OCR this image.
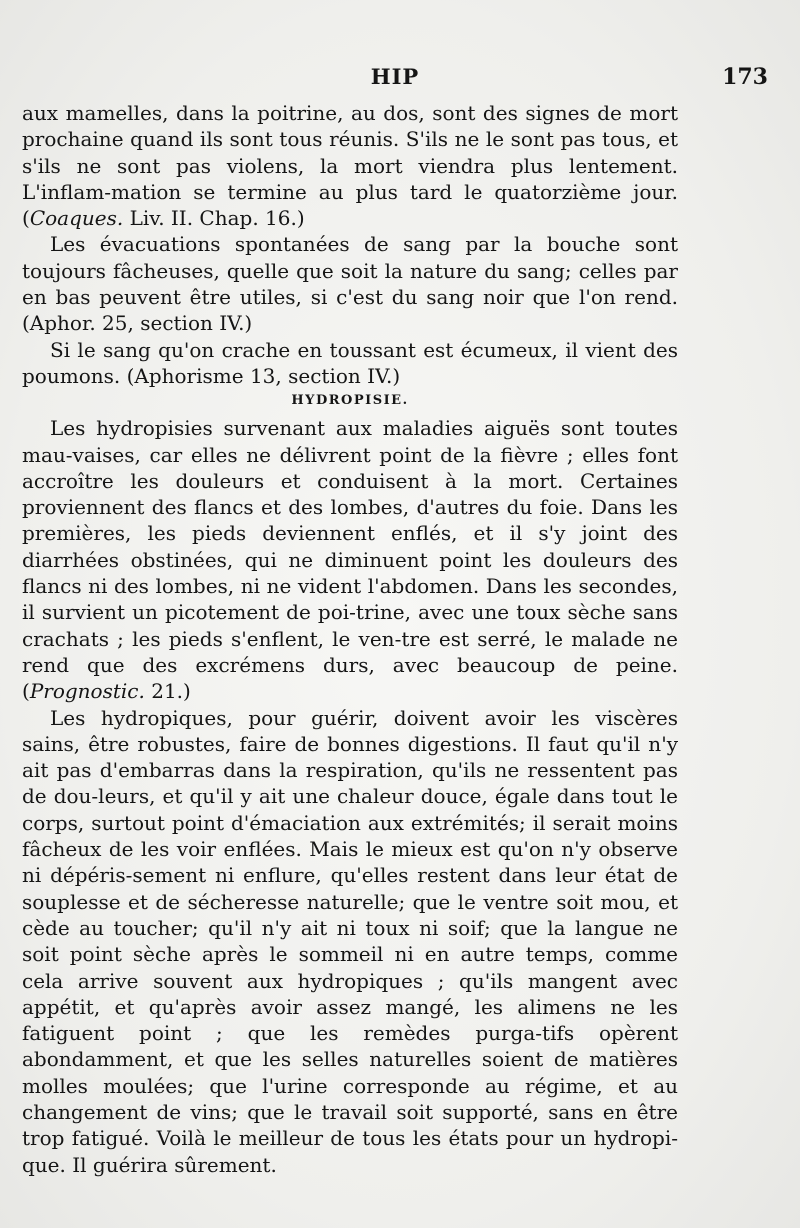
HIP	173

aux mamelles, dans la poitrine, au dos, sont des signes de mort prochaine quand ils sont tous réunis. S'ils ne le sont pas tous, et s'ils ne sont pas violens, la mort viendra plus lentement. L'inflam-mation se termine au plus tard le quatorzième jour. (Coaques. Liv. II. Chap. 16.)

Les évacuations spontanées de sang par la bouche sont toujours fâcheuses, quelle que soit la nature du sang; celles par en bas peuvent être utiles, si c'est du sang noir que l'on rend. (Aphor. 25, section IV.)

Si le sang qu'on crache en toussant est écumeux, il vient des poumons. (Aphorisme 13, section IV.)

HYDROPISIE.

Les hydropisies survenant aux maladies aiguës sont toutes mau-vaises, car elles ne délivrent point de la fièvre ; elles font accroître les douleurs et conduisent à la mort. Certaines proviennent des flancs et des lombes, d'autres du foie. Dans les premières, les pieds deviennent enflés, et il s'y joint des diarrhées obstinées, qui ne diminuent point les douleurs des flancs ni des lombes, ni ne vident l'abdomen. Dans les secondes, il survient un picotement de poi-trine, avec une toux sèche sans crachats ; les pieds s'enflent, le ven-tre est serré, le malade ne rend que des excrémens durs, avec beaucoup de peine. (Prognostic. 21.)

Les hydropiques, pour guérir, doivent avoir les viscères sains, être robustes, faire de bonnes digestions. Il faut qu'il n'y ait pas d'embarras dans la respiration, qu'ils ne ressentent pas de dou-leurs, et qu'il y ait une chaleur douce, égale dans tout le corps, surtout point d'émaciation aux extrémités; il serait moins fâcheux de les voir enflées. Mais le mieux est qu'on n'y observe ni dépéris-sement ni enflure, qu'elles restent dans leur état de souplesse et de sécheresse naturelle; que le ventre soit mou, et cède au toucher; qu'il n'y ait ni toux ni soif; que la langue ne soit point sèche après le sommeil ni en autre temps, comme cela arrive souvent aux hydropiques ; qu'ils mangent avec appétit, et qu'après avoir assez mangé, les alimens ne les fatiguent point ; que les remèdes purga-tifs opèrent abondamment, et que les selles naturelles soient de matières molles moulées; que l'urine corresponde au régime, et au changement de vins; que le travail soit supporté, sans en être trop fatigué. Voilà le meilleur de tous les états pour un hydropi-que. Il guérira sûrement.
